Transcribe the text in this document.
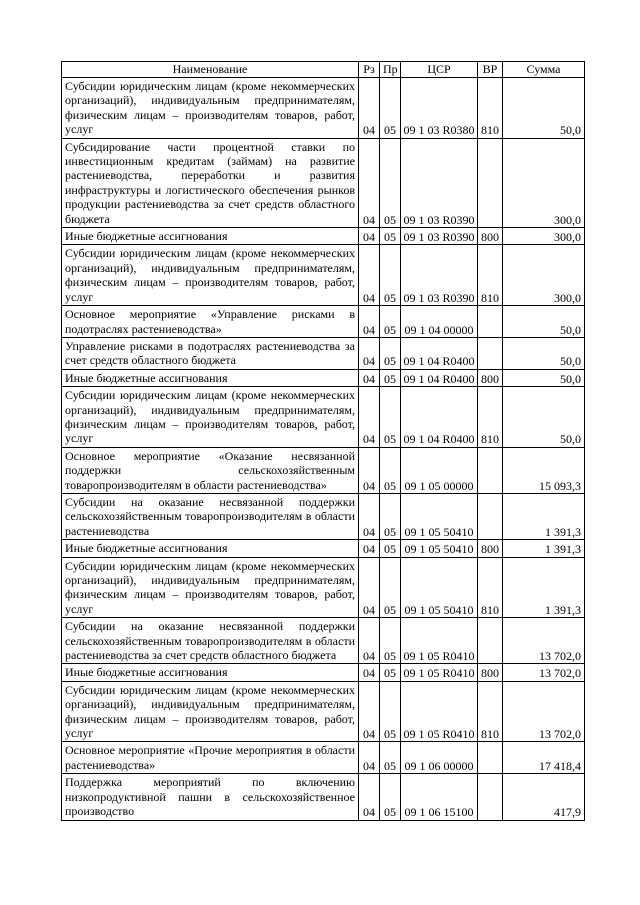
Наименование	Рз	Пр	ЦСР	ВР	Сумма
Субсидии юридическим лицам (кроме некоммерческих организаций), индивидуальным предпринимателям, физическим лицам – производителям товаров, работ, услуг	04	05	09 1 03 R0380	810	50,0
Субсидирование части процентной ставки по инвестиционным кредитам (займам) на развитие растениеводства, переработки и развития инфраструктуры и логистического обеспечения рынков продукции растениеводства за счет средств областного бюджета	04	05	09 1 03 R0390		300,0
Иные бюджетные ассигнования	04	05	09 1 03 R0390	800	300,0
Субсидии юридическим лицам (кроме некоммерческих организаций), индивидуальным предпринимателям, физическим лицам – производителям товаров, работ, услуг	04	05	09 1 03 R0390	810	300,0
Основное мероприятие «Управление рисками в подотраслях растениеводства»	04	05	09 1 04 00000		50,0
Управление рисками в подотраслях растениеводства за счет средств областного бюджета	04	05	09 1 04 R0400		50,0
Иные бюджетные ассигнования	04	05	09 1 04 R0400	800	50,0
Субсидии юридическим лицам (кроме некоммерческих организаций), индивидуальным предпринимателям, физическим лицам – производителям товаров, работ, услуг	04	05	09 1 04 R0400	810	50,0
Основное мероприятие «Оказание несвязанной поддержки сельскохозяйственным товаропроизводителям в области растениеводства»	04	05	09 1 05 00000		15 093,3
Субсидии на оказание несвязанной поддержки сельскохозяйственным товаропроизводителям в области растениеводства	04	05	09 1 05 50410		1 391,3
Иные бюджетные ассигнования	04	05	09 1 05 50410	800	1 391,3
Субсидии юридическим лицам (кроме некоммерческих организаций), индивидуальным предпринимателям, физическим лицам – производителям товаров, работ, услуг	04	05	09 1 05 50410	810	1 391,3
Субсидии на оказание несвязанной поддержки сельскохозяйственным товаропроизводителям в области растениеводства за счет средств областного бюджета	04	05	09 1 05 R0410		13 702,0
Иные бюджетные ассигнования	04	05	09 1 05 R0410	800	13 702,0
Субсидии юридическим лицам (кроме некоммерческих организаций), индивидуальным предпринимателям, физическим лицам – производителям товаров, работ, услуг	04	05	09 1 05 R0410	810	13 702,0
Основное мероприятие «Прочие мероприятия в области растениеводства»	04	05	09 1 06 00000		17 418,4
Поддержка мероприятий по включению низкопродуктивной пашни в сельскохозяйственное производство	04	05	09 1 06 15100		417,9
